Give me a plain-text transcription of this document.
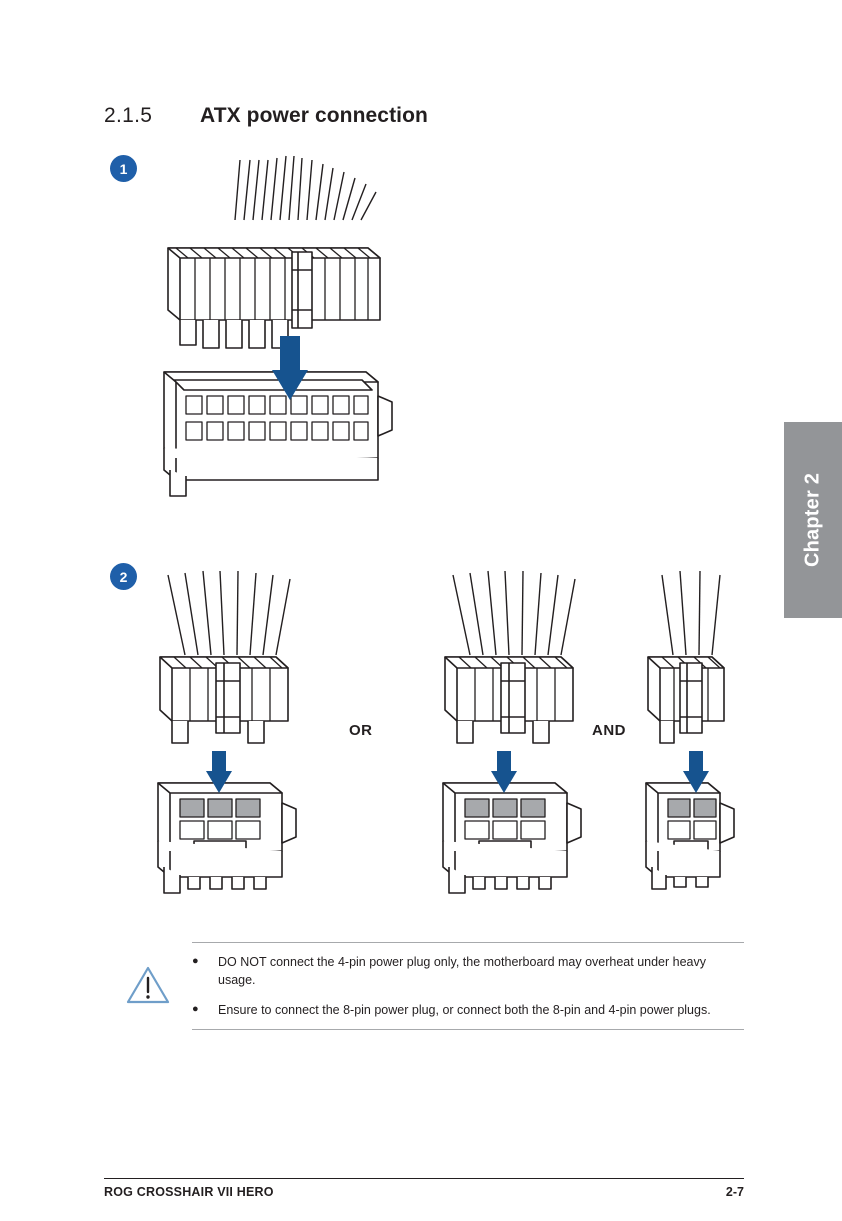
2.1.5	ATX power connection
1
2
OR	AND
Chapter 2
●	DO NOT connect the 4-pin power plug only, the motherboard may overheat under heavy usage.
●	Ensure to connect the 8-pin power plug, or connect both the 8-pin and 4-pin power plugs.
ROG CROSSHAIR VII HERO	2-7
